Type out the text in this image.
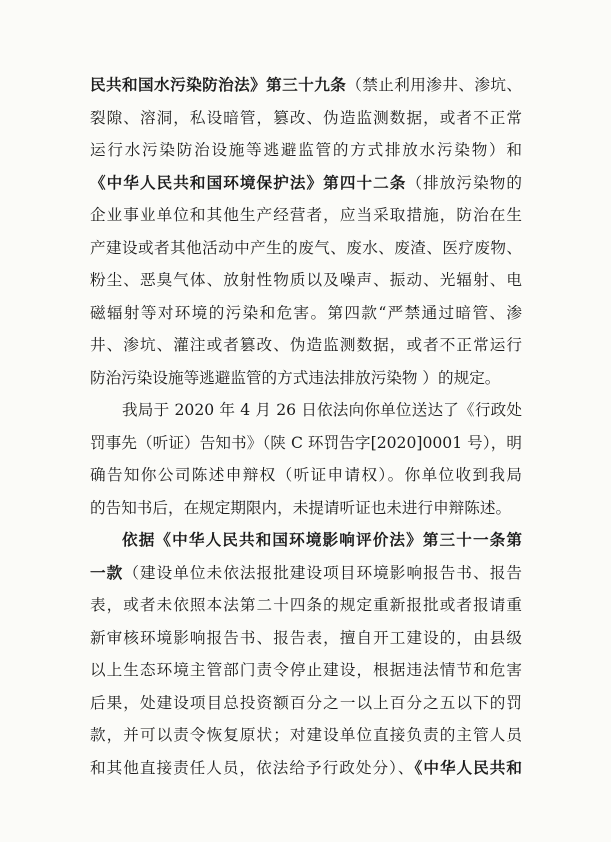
民共和国水污染防治法》第三十九条（禁止利用渗井、渗坑、
裂隙、溶洞，私设暗管，篡改、伪造监测数据，或者不正常
运行水污染防治设施等逃避监管的方式排放水污染物）和
《中华人民共和国环境保护法》第四十二条（排放污染物的
企业事业单位和其他生产经营者，应当采取措施，防治在生
产建设或者其他活动中产生的废气、废水、废渣、医疗废物、
粉尘、恶臭气体、放射性物质以及噪声、振动、光辐射、电
磁辐射等对环境的污染和危害。第四款“严禁通过暗管、渗
井、渗坑、灌注或者篡改、伪造监测数据，或者不正常运行
防治污染设施等逃避监管的方式违法排放污染物 ）的规定。
我局于 2020 年 4 月 26 日依法向你单位送达了《行政处
罚事先（听证）告知书》（陕 C 环罚告字[2020]0001 号），明
确告知你公司陈述申辩权（听证申请权）。你单位收到我局
的告知书后，在规定期限内，未提请听证也未进行申辩陈述。
依据《中华人民共和国环境影响评价法》第三十一条第
一款（建设单位未依法报批建设项目环境影响报告书、报告
表，或者未依照本法第二十四条的规定重新报批或者报请重
新审核环境影响报告书、报告表，擅自开工建设的，由县级
以上生态环境主管部门责令停止建设，根据违法情节和危害
后果，处建设项目总投资额百分之一以上百分之五以下的罚
款，并可以责令恢复原状；对建设单位直接负责的主管人员
和其他直接责任人员，依法给予行政处分）、《中华人民共和
